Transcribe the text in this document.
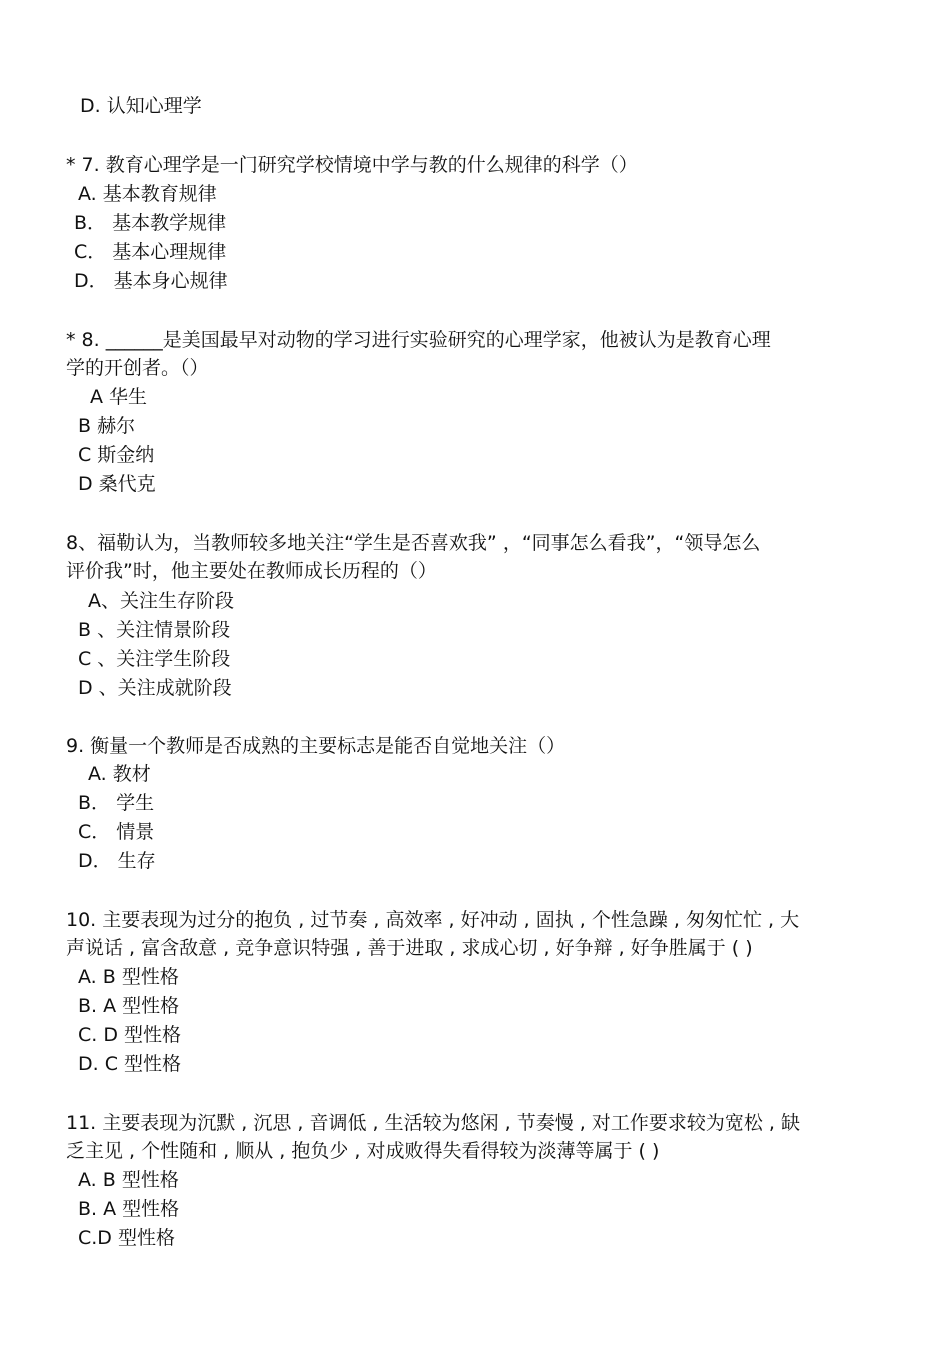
D. 认知心理学
* 7. 教育心理学是一门研究学校情境中学与教的什么规律的科学（）
A. 基本教育规律
B． 基本教学规律
C． 基本心理规律
D． 基本身心规律
* 8. ______是美国最早对动物的学习进行实验研究的心理学家，他被认为是教育心理
学的开创者。（）
A 华生
B 赫尔
C 斯金纳
D 桑代克
8、福勒认为，当教师较多地关注“学生是否喜欢我” ，“同事怎么看我”，“领导怎么
评价我”时，他主要处在教师成长历程的（）
A、关注生存阶段
B 、关注情景阶段
C 、关注学生阶段
D 、关注成就阶段
9. 衡量一个教师是否成熟的主要标志是能否自觉地关注（）
A. 教材
B． 学生
C． 情景
D． 生存
10. 主要表现为过分的抱负 , 过节奏 , 高效率 , 好冲动 , 固执 , 个性急躁 , 匆匆忙忙 , 大
声说话 , 富含敌意 , 竞争意识特强 , 善于进取 , 求成心切 , 好争辩 , 好争胜属于 ( )
A. B 型性格
B. A 型性格
C. D 型性格
D. C 型性格
11. 主要表现为沉默 , 沉思 , 音调低 , 生活较为悠闲 , 节奏慢 , 对工作要求较为宽松 , 缺
乏主见 , 个性随和 , 顺从 , 抱负少 , 对成败得失看得较为淡薄等属于 ( )
A. B 型性格
B. A 型性格
C.D 型性格
